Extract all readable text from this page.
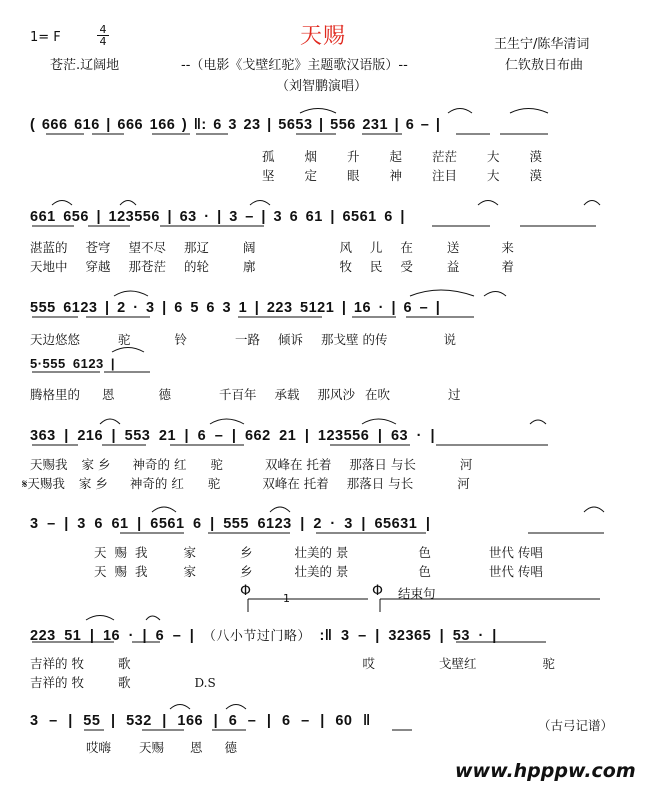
1= F
4
4	天赐	王生宁/陈华清词
苍茫.辽阔地	--（电影《戈壁红驼》主题歌汉语版）--	仁钦敖日布曲
（刘智鹏演唱）
( 666 616 | 666 166 ) ‖: 6 3 23 | 5653 | 556 231 | 6 – |
孤 烟 升 起 茫茫 大 漠
坚 定 眼 神 注目 大 漠
661 656 | 123556 | 63 · | 3 – | 3 6 61 | 6561 6 |
湛蓝的 苍穹 望不尽 那辽	阔	风 儿 在	送	来
天地中 穿越 那苍茫 的轮	廓	牧 民 受	益	着
555 6123 | 2 · 3 | 6 5 6 3 1 | 223 5121 | 16 · | 6 – |
天边悠悠	驼	铃	一路 倾诉 那戈壁 的传	说
5·555 6123 |
腾格里的 恩	德	千百年 承载 那风沙 在吹	过
363 | 216 | 553 21 | 6 – | 662 21 | 123556 | 63 · |
天赐我 家 乡 神奇的 红 驼	双峰在 托着 那落日 与长	河
𝄋天赐我 家 乡 神奇的 红 驼	双峰在 托着 那落日 与长	河
3 – | 3 6 61 | 6561 6 | 555 6123 | 2 · 3 | 65631 |
天 赐 我	家	乡	壮美的 景	色	世代 传唱
天 赐 我	家	乡	壮美的 景	色	世代 传唱
Φ	Φ 结束句
1
223 51 | 16 · | 6 – | （八小节过门略） :‖ 3 – | 32365 | 53 · |
吉祥的 牧	歌	哎	戈壁红	驼
吉祥的 牧	歌	D.S
3 – | 55 | 532 | 166 | 6 – | 6 – | 60 ‖
哎嗨 天赐 恩 德
（古弓记谱）
www.hpppw.com
